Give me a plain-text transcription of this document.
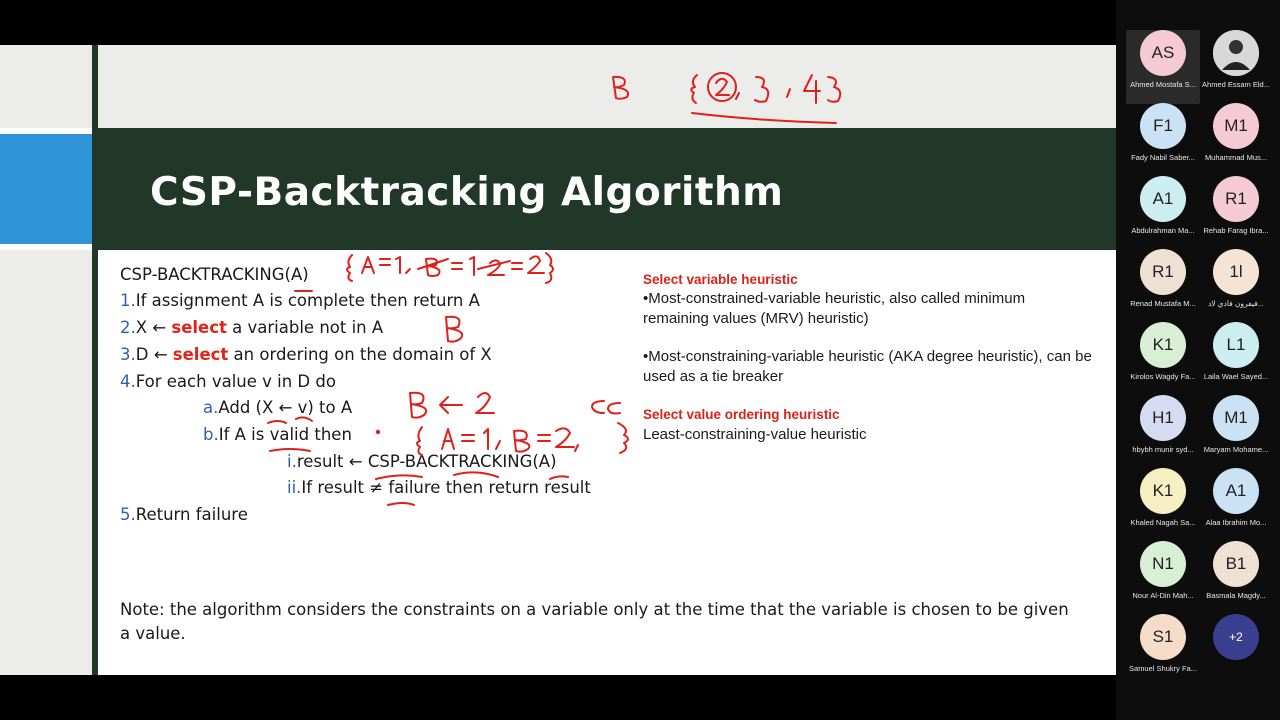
CSP-Backtracking Algorithm
CSP-BACKTRACKING(A)
1.If assignment A is complete then return A
2.X ← select a variable not in A
3.D ← select an ordering on the domain of X
4.For each value v in D do
a.Add (X ← v) to A
b.If A is valid then
i.result ← CSP-BACKTRACKING(A)
ii.If result ≠ failure then return result
5.Return failure
Select variable heuristic
•Most-constrained-variable heuristic, also called minimum remaining values (MRV) heuristic)
•Most-constraining-variable heuristic (AKA degree heuristic), can be used as a tie breaker
Select value ordering heuristic
Least-constraining-value heuristic
Note: the algorithm considers the constraints on a variable only at the time that the variable is chosen to be given a value.
AS
Ahmed Mostafa S... Ahmed Essam Eld...
F1
Fady Nabil Saber...
M1
Muhammad Mus...
A1
Abdulrahman Ma...
R1
Rehab Farag Ibra...
R1
Renad Mustafa M...
1l
فيفرون فادي لاد...
K1
Kirolos Wagdy Fa...
L1
Laila Wael Sayed...
H1
hbybh munir syd...
M1
Maryam Mohame...
K1
Khaled Nagah Sa...
A1
Alaa Ibrahim Mo...
N1
Nour Al-Din Mah...
B1
Basmala Magdy...
S1
Samuel Shukry Fa...
+2
